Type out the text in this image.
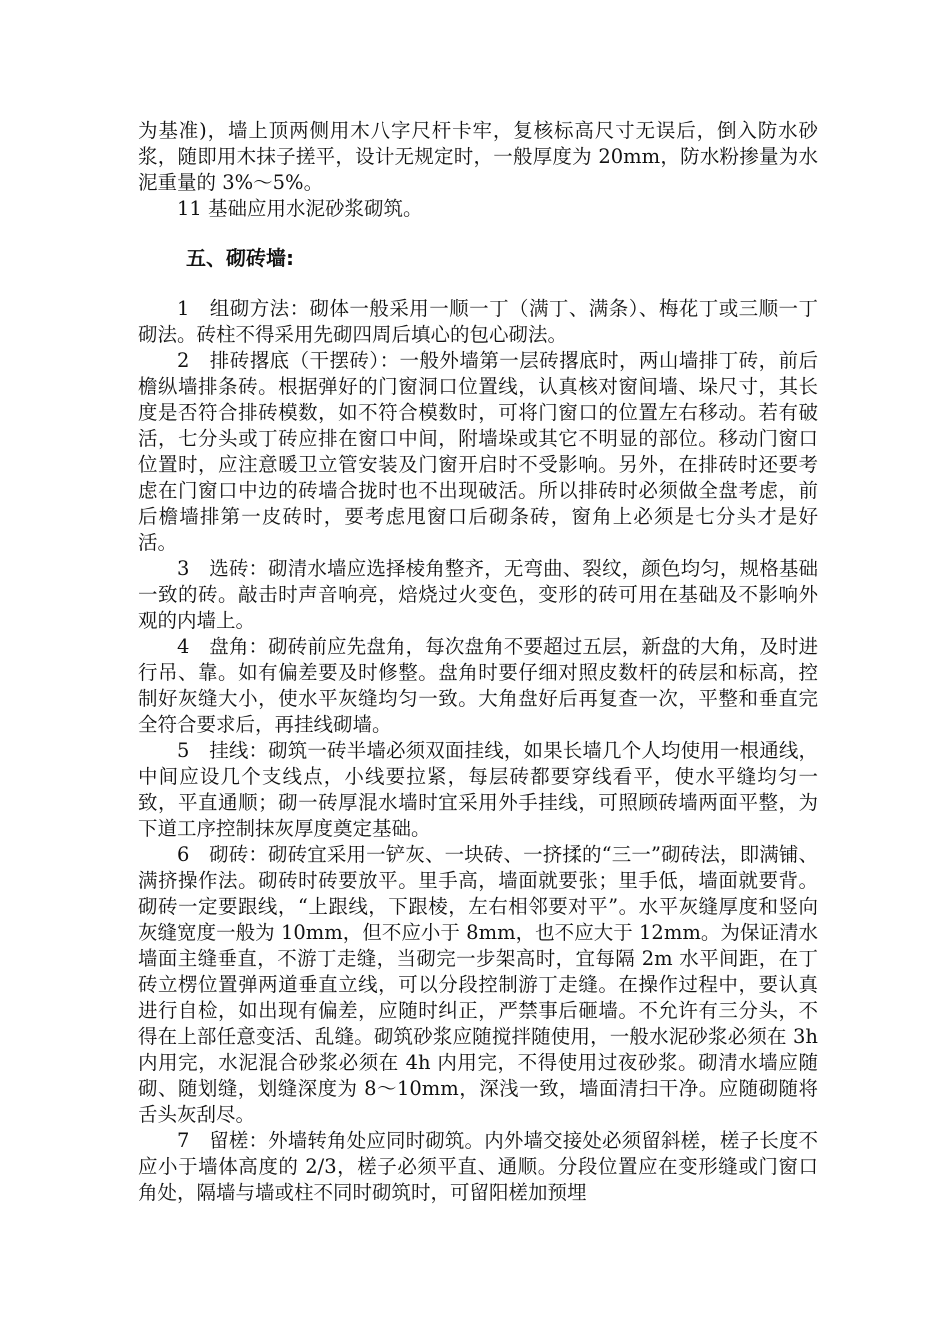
为基准)，墙上顶两侧用木八字尺杆卡牢，复核标高尺寸无误后，倒入防水砂浆，随即用木抹子搓平，设计无规定时，一般厚度为 20mm，防水粉掺量为水泥重量的 3%～5%。

11 基础应用水泥砂浆砌筑。

五、砌砖墙:

1　组砌方法：砌体一般采用一顺一丁（满丁、满条）、梅花丁或三顺一丁砌法。砖柱不得采用先砌四周后填心的包心砌法。

2　排砖撂底（干摆砖）：一般外墙第一层砖撂底时，两山墙排丁砖，前后檐纵墙排条砖。根据弹好的门窗洞口位置线，认真核对窗间墙、垛尺寸，其长度是否符合排砖模数，如不符合模数时，可将门窗口的位置左右移动。若有破活，七分头或丁砖应排在窗口中间，附墙垛或其它不明显的部位。移动门窗口位置时，应注意暖卫立管安装及门窗开启时不受影响。另外，在排砖时还要考虑在门窗口中边的砖墙合拢时也不出现破活。所以排砖时必须做全盘考虑，前后檐墙排第一皮砖时，要考虑甩窗口后砌条砖，窗角上必须是七分头才是好活。

3　选砖：砌清水墙应选择棱角整齐，无弯曲、裂纹，颜色均匀，规格基础一致的砖。敲击时声音响亮，焙烧过火变色，变形的砖可用在基础及不影响外观的内墙上。

4　盘角：砌砖前应先盘角，每次盘角不要超过五层，新盘的大角，及时进行吊、靠。如有偏差要及时修整。盘角时要仔细对照皮数杆的砖层和标高，控制好灰缝大小，使水平灰缝均匀一致。大角盘好后再复查一次，平整和垂直完全符合要求后，再挂线砌墙。

5　挂线：砌筑一砖半墙必须双面挂线，如果长墙几个人均使用一根通线，中间应设几个支线点，小线要拉紧，每层砖都要穿线看平，使水平缝均匀一致，平直通顺；砌一砖厚混水墙时宜采用外手挂线，可照顾砖墙两面平整，为下道工序控制抹灰厚度奠定基础。

6　砌砖：砌砖宜采用一铲灰、一块砖、一挤揉的“三一”砌砖法，即满铺、满挤操作法。砌砖时砖要放平。里手高，墙面就要张；里手低，墙面就要背。砌砖一定要跟线，“上跟线，下跟棱，左右相邻要对平”。水平灰缝厚度和竖向灰缝宽度一般为 10mm，但不应小于 8mm，也不应大于 12mm。为保证清水墙面主缝垂直，不游丁走缝，当砌完一步架高时，宜每隔 2m 水平间距，在丁砖立楞位置弹两道垂直立线，可以分段控制游丁走缝。在操作过程中，要认真进行自检，如出现有偏差，应随时纠正，严禁事后砸墙。不允许有三分头，不得在上部任意变活、乱缝。砌筑砂浆应随搅拌随使用，一般水泥砂浆必须在 3h 内用完，水泥混合砂浆必须在 4h 内用完，不得使用过夜砂浆。砌清水墙应随砌、随划缝，划缝深度为 8～10mm，深浅一致，墙面清扫干净。应随砌随将舌头灰刮尽。

7　留槎：外墙转角处应同时砌筑。内外墙交接处必须留斜槎，槎子长度不应小于墙体高度的 2/3，槎子必须平直、通顺。分段位置应在变形缝或门窗口角处，隔墙与墙或柱不同时砌筑时，可留阳槎加预埋
